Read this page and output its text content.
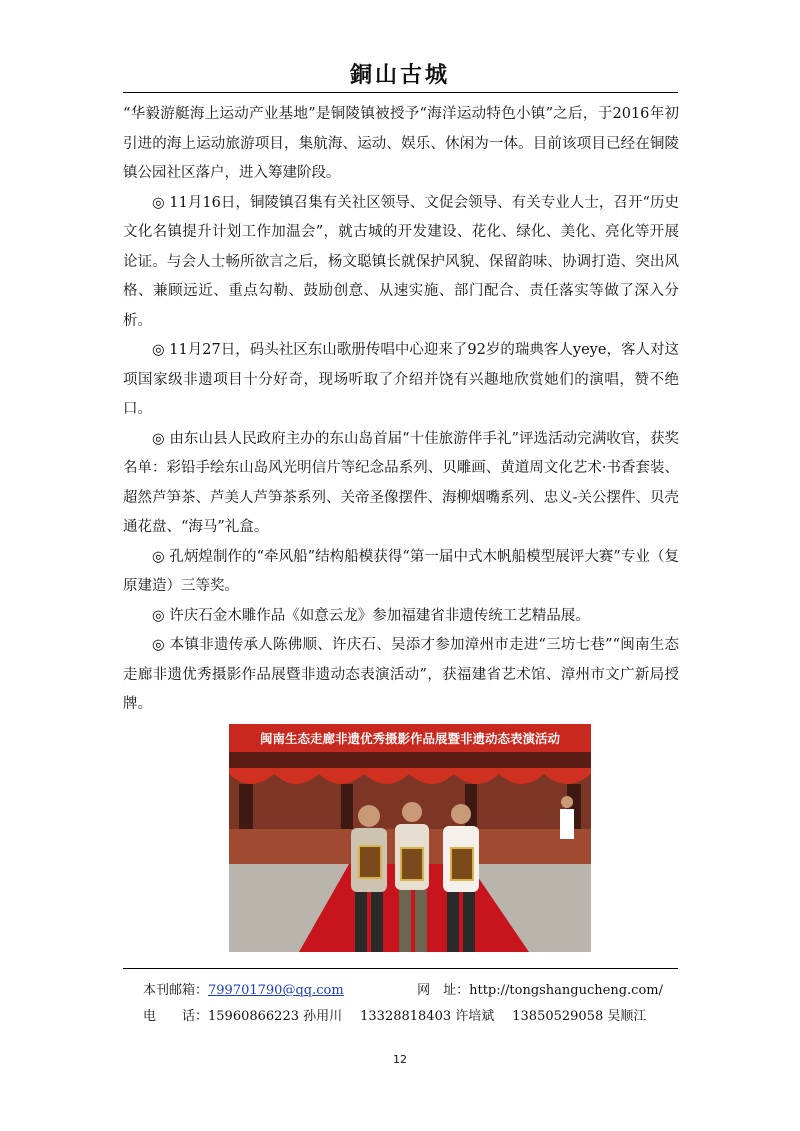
銅山古城

“华毅游艇海上运动产业基地”是铜陵镇被授予“海洋运动特色小镇”之后，于2016年初引进的海上运动旅游项目，集航海、运动、娱乐、休闲为一体。目前该项目已经在铜陵镇公园社区落户，进入筹建阶段。

◎ 11月16日，铜陵镇召集有关社区领导、文促会领导、有关专业人士，召开“历史文化名镇提升计划工作加温会”，就古城的开发建设、花化、绿化、美化、亮化等开展论证。与会人士畅所欲言之后，杨文聪镇长就保护风貌、保留韵味、协调打造、突出风格、兼顾远近、重点勾勒、鼓励创意、从速实施、部门配合、责任落实等做了深入分析。

◎ 11月27日，码头社区东山歌册传唱中心迎来了92岁的瑞典客人yeye，客人对这项国家级非遗项目十分好奇，现场听取了介绍并饶有兴趣地欣赏她们的演唱，赞不绝口。

◎ 由东山县人民政府主办的东山岛首届“十佳旅游伴手礼”评选活动完满收官，获奖名单：彩铅手绘东山岛风光明信片等纪念品系列、贝雕画、黄道周文化艺术·书香套装、超然芦笋茶、芦美人芦笋茶系列、关帝圣像摆件、海柳烟嘴系列、忠义-关公摆件、贝壳通花盘、“海马”礼盒。

◎ 孔炳煌制作的“牵风船”结构船模获得“第一届中式木帆船模型展评大赛”专业（复原建造）三等奖。

◎ 许庆石金木雕作品《如意云龙》参加福建省非遗传统工艺精品展。

◎ 本镇非遗传承人陈佛顺、许庆石、吴添才参加漳州市走进“三坊七巷”“闽南生态走廊非遗优秀摄影作品展暨非遗动态表演活动”，获福建省艺术馆、漳州市文广新局授牌。

闽南生态走廊非遗优秀摄影作品展暨非遗动态表演活动
本刊邮箱： 799701790@qq.com	网　址： http://tongshangucheng.com/
电　　话： 15960866223 孙用川 13328818403 许培斌 13850529058 吴顺江
12
